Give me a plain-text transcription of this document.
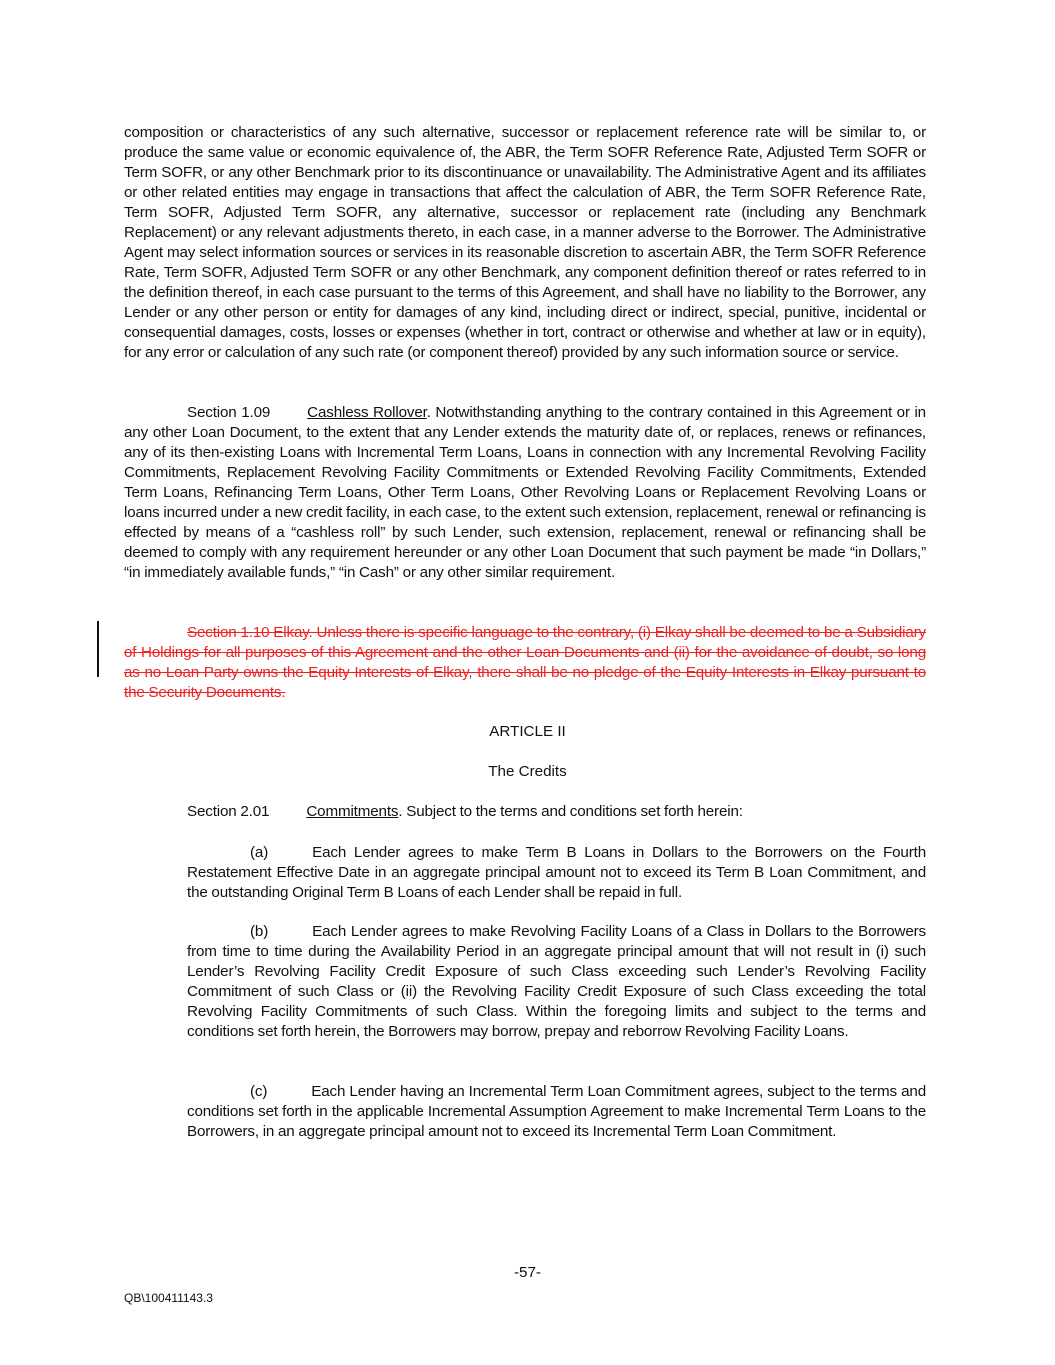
composition or characteristics of any such alternative, successor or replacement reference rate will be similar to, or produce the same value or economic equivalence of, the ABR, the Term SOFR Reference Rate, Adjusted Term SOFR or Term SOFR, or any other Benchmark prior to its discontinuance or unavailability. The Administrative Agent and its affiliates or other related entities may engage in transactions that affect the calculation of ABR, the Term SOFR Reference Rate, Term SOFR, Adjusted Term SOFR, any alternative, successor or replacement rate (including any Benchmark Replacement) or any relevant adjustments thereto, in each case, in a manner adverse to the Borrower. The Administrative Agent may select information sources or services in its reasonable discretion to ascertain ABR, the Term SOFR Reference Rate, Term SOFR, Adjusted Term SOFR or any other Benchmark, any component definition thereof or rates referred to in the definition thereof, in each case pursuant to the terms of this Agreement, and shall have no liability to the Borrower, any Lender or any other person or entity for damages of any kind, including direct or indirect, special, punitive, incidental or consequential damages, costs, losses or expenses (whether in tort, contract or otherwise and whether at law or in equity), for any error or calculation of any such rate (or component thereof) provided by any such information source or service.

Section 1.09 Cashless Rollover. Notwithstanding anything to the contrary contained in this Agreement or in any other Loan Document, to the extent that any Lender extends the maturity date of, or replaces, renews or refinances, any of its then-existing Loans with Incremental Term Loans, Loans in connection with any Incremental Revolving Facility Commitments, Replacement Revolving Facility Commitments or Extended Revolving Facility Commitments, Extended Term Loans, Refinancing Term Loans, Other Term Loans, Other Revolving Loans or Replacement Revolving Loans or loans incurred under a new credit facility, in each case, to the extent such extension, replacement, renewal or refinancing is effected by means of a “cashless roll” by such Lender, such extension, replacement, renewal or refinancing shall be deemed to comply with any requirement hereunder or any other Loan Document that such payment be made “in Dollars,” “in immediately available funds,” “in Cash” or any other similar requirement.

Section 1.10 Elkay. Unless there is specific language to the contrary, (i) Elkay shall be deemed to be a Subsidiary of Holdings for all purposes of this Agreement and the other Loan Documents and (ii) for the avoidance of doubt, so long as no Loan Party owns the Equity Interests of Elkay, there shall be no pledge of the Equity Interests in Elkay pursuant to the Security Documents.

ARTICLE II
The Credits

Section 2.01 Commitments. Subject to the terms and conditions set forth herein:

(a)	Each Lender agrees to make Term B Loans in Dollars to the Borrowers on the Fourth Restatement Effective Date in an aggregate principal amount not to exceed its Term B Loan Commitment, and the outstanding Original Term B Loans of each Lender shall be repaid in full.

(b)	Each Lender agrees to make Revolving Facility Loans of a Class in Dollars to the Borrowers from time to time during the Availability Period in an aggregate principal amount that will not result in (i) such Lender’s Revolving Facility Credit Exposure of such Class exceeding such Lender’s Revolving Facility Commitment of such Class or (ii) the Revolving Facility Credit Exposure of such Class exceeding the total Revolving Facility Commitments of such Class. Within the foregoing limits and subject to the terms and conditions set forth herein, the Borrowers may borrow, prepay and reborrow Revolving Facility Loans.

(c)	Each Lender having an Incremental Term Loan Commitment agrees, subject to the terms and conditions set forth in the applicable Incremental Assumption Agreement to make Incremental Term Loans to the Borrowers, in an aggregate principal amount not to exceed its Incremental Term Loan Commitment.

-57-
QB\100411143.3
